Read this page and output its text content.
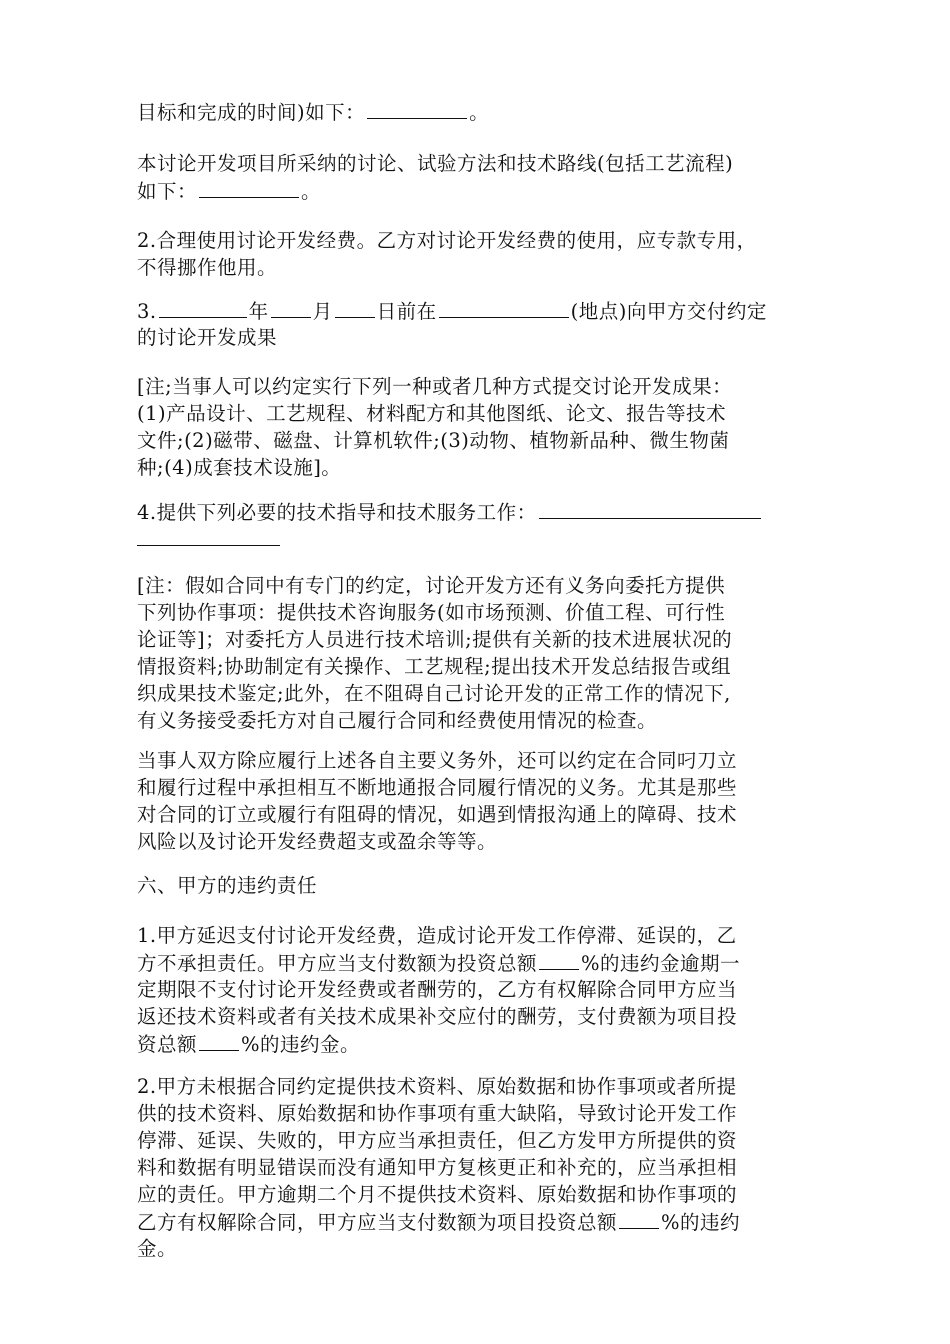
目标和完成的时间)如下：	。

本讨论开发项目所采纳的讨论、试验方法和技术路线(包括工艺流程)
如下：	。

2.合理使用讨论开发经费。乙方对讨论开发经费的使用，应专款专用，
不得挪作他用。

3.	年 月 日前在	(地点)向甲方交付约定
的讨论开发成果

[注;当事人可以约定实行下列一种或者几种方式提交讨论开发成果：
(1)产品设计、工艺规程、材料配方和其他图纸、论文、报告等技术
文件;(2)磁带、磁盘、计算机软件;(3)动物、植物新品种、微生物菌
种;(4)成套技术设施]。

4.提供下列必要的技术指导和技术服务工作：

[注：假如合同中有专门的约定，讨论开发方还有义务向委托方提供
下列协作事项：提供技术咨询服务(如市场预测、价值工程、可行性
论证等]；对委托方人员进行技术培训;提供有关新的技术进展状况的
情报资料;协助制定有关操作、工艺规程;提出技术开发总结报告或组
织成果技术鉴定;此外，在不阻碍自己讨论开发的正常工作的情况下,
有义务接受委托方对自己履行合同和经费使用情况的检查。

当事人双方除应履行上述各自主要义务外，还可以约定在合同叼刀立
和履行过程中承担相互不断地通报合同履行情况的义务。尤其是那些
对合同的订立或履行有阻碍的情况，如遇到情报沟通上的障碍、技术
风险以及讨论开发经费超支或盈余等等。

六、甲方的违约责任

1.甲方延迟支付讨论开发经费，造成讨论开发工作停滞、延误的，乙
方不承担责任。甲方应当支付数额为投资总额 %的违约金逾期一
定期限不支付讨论开发经费或者酬劳的，乙方有权解除合同甲方应当
返还技术资料或者有关技术成果补交应付的酬劳，支付费额为项目投
资总额 %的违约金。

2.甲方未根据合同约定提供技术资料、原始数据和协作事项或者所提
供的技术资料、原始数据和协作事项有重大缺陷，导致讨论开发工作
停滞、延误、失败的，甲方应当承担责任，但乙方发甲方所提供的资
料和数据有明显错误而没有通知甲方复核更正和补充的，应当承担相
应的责任。甲方逾期二个月不提供技术资料、原始数据和协作事项的
乙方有权解除合同，甲方应当支付数额为项目投资总额 %的违约
金。
